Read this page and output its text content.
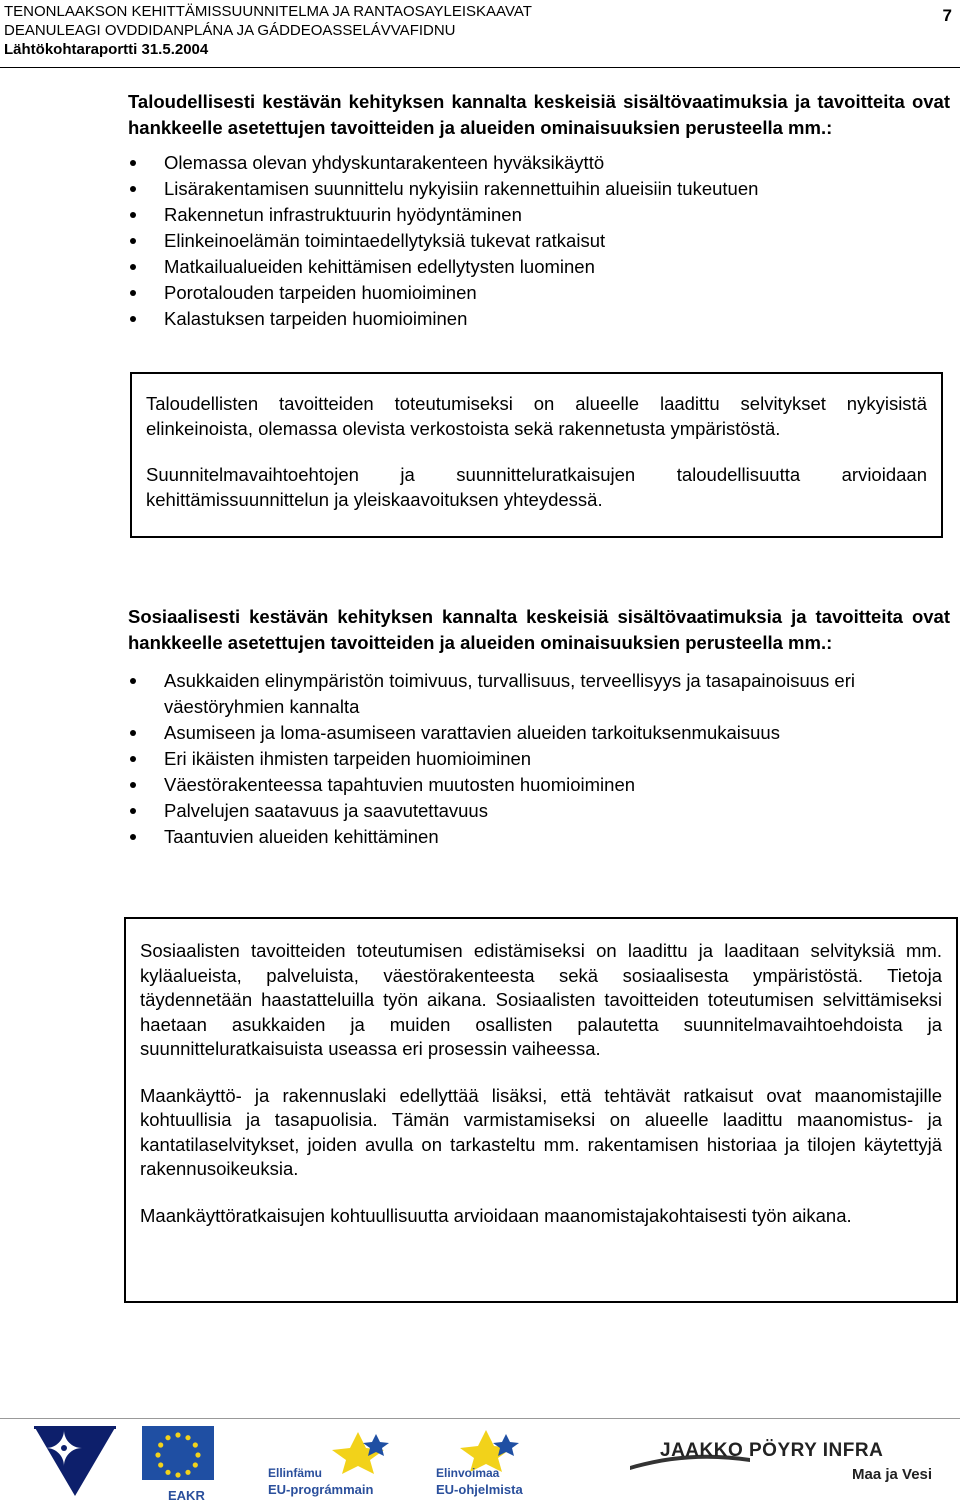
TENONLAAKSON KEHITTÄMISSUUNNITELMA JA RANTAOSAYLEISKAAVAT
DEANULEAGI OVDDIDANPLÁNA JA GÁDDEOASSELÁVVAFIDNU
Lähtökohtaraportti 31.5.2004
7

Taloudellisesti kestävän kehityksen kannalta keskeisiä sisältövaatimuksia ja tavoitteita ovat hankkeelle asetettujen tavoitteiden ja alueiden ominaisuuksien perusteella mm.:

Olemassa olevan yhdyskuntarakenteen hyväksikäyttö
Lisärakentamisen suunnittelu nykyisiin rakennettuihin alueisiin tukeutuen
Rakennetun infrastruktuurin hyödyntäminen
Elinkeinoelämän toimintaedellytyksiä tukevat ratkaisut
Matkailualueiden kehittämisen edellytysten luominen
Porotalouden tarpeiden huomioiminen
Kalastuksen tarpeiden huomioiminen

Taloudellisten tavoitteiden toteutumiseksi on alueelle laadittu selvitykset nykyisistä elinkeinoista, olemassa olevista verkostoista sekä rakennetusta ympäristöstä.

Suunnitelmavaihtoehtojen ja suunnitteluratkaisujen taloudellisuutta arvioidaan kehittämissuunnittelun ja yleiskaavoituksen yhteydessä.

Sosiaalisesti kestävän kehityksen kannalta keskeisiä sisältövaatimuksia ja tavoitteita ovat hankkeelle asetettujen tavoitteiden ja alueiden ominaisuuksien perusteella mm.:

Asukkaiden elinympäristön toimivuus, turvallisuus, terveellisyys ja tasapainoisuus eri väestöryhmien kannalta
Asumiseen ja loma-asumiseen varattavien alueiden tarkoituksenmukaisuus
Eri ikäisten ihmisten tarpeiden huomioiminen
Väestörakenteessa tapahtuvien muutosten huomioiminen
Palvelujen saatavuus ja saavutettavuus
Taantuvien alueiden kehittäminen

Sosiaalisten tavoitteiden toteutumisen edistämiseksi on laadittu ja laaditaan selvityksiä mm. kyläalueista, palveluista, väestörakenteesta sekä sosiaalisesta ympäristöstä. Tietoja täydennetään haastatteluilla työn aikana. Sosiaalisten tavoitteiden toteutumisen selvittämiseksi haetaan asukkaiden ja muiden osallisten palautetta suunnitelmavaihtoehdoista ja suunnitteluratkaisuista useassa eri prosessin vaiheessa.

Maankäyttö- ja rakennuslaki edellyttää lisäksi, että tehtävät ratkaisut ovat maanomistajille kohtuullisia ja tasapuolisia. Tämän varmistamiseksi on alueelle laadittu maanomistus- ja kantatilaselvitykset, joiden avulla on tarkasteltu mm. rakentamisen historiaa ja tilojen käytettyjä rakennusoikeuksia.

Maankäyttöratkaisujen kohtuullisuutta arvioidaan maanomistajakohtaisesti työn aikana.

EAKR
Ellinfämu
EU-prográmmain
Elinvoimaa
EU-ohjelmista
JAAKKO PÖYRY INFRA
Maa ja Vesi
